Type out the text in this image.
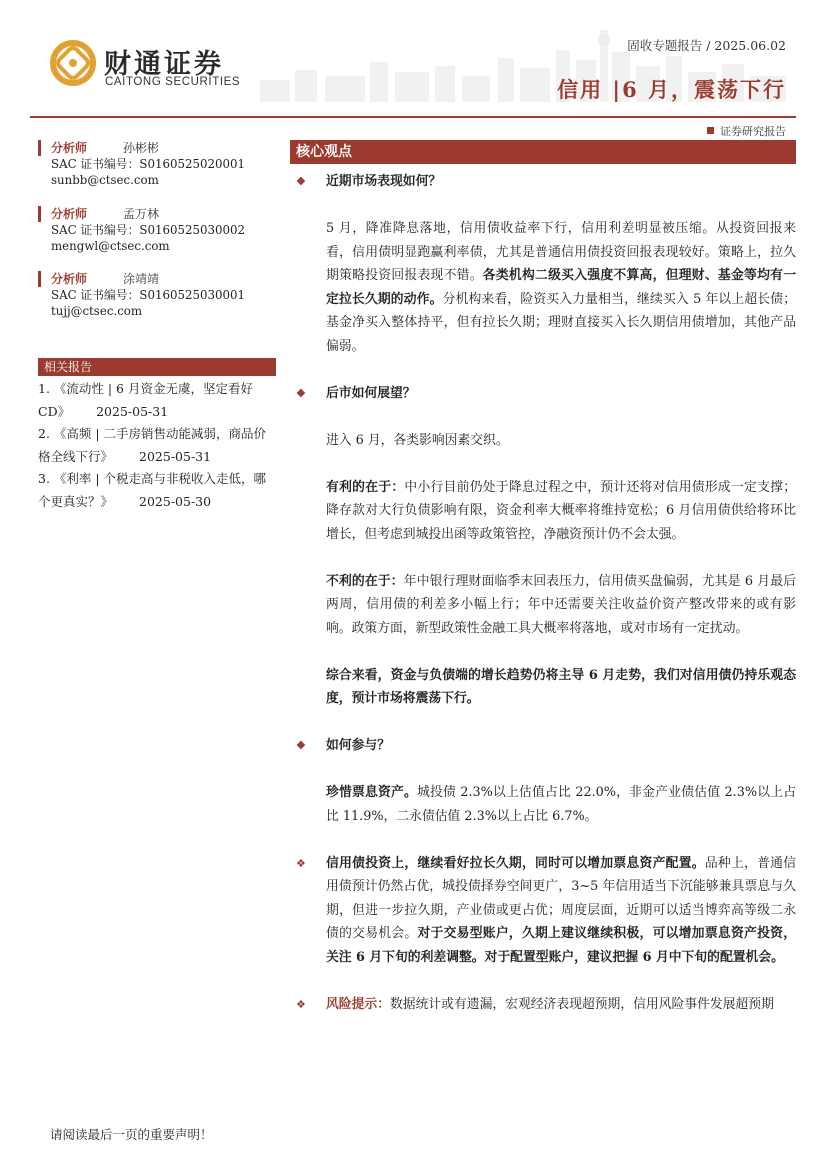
财通证券
CAITONG SECURITIES
固收专题报告 / 2025.06.02
信用 |6 月，震荡下行
证券研究报告
分析师	孙彬彬
SAC 证书编号：S0160525020001
sunbb@ctsec.com
分析师	孟万林
SAC 证书编号：S0160525030002
mengwl@ctsec.com
分析师	涂靖靖
SAC 证书编号：S0160525030001
tujj@ctsec.com
相关报告

1. 《流动性 | 6 月资金无虞，坚定看好 CD》 2025-05-31

2. 《高频 | 二手房销售动能减弱，商品价格全线下行》 2025-05-31

3. 《利率 | 个税走高与非税收入走低，哪个更真实？》 2025-05-30

核心观点

❖ 近期市场表现如何？

5 月，降准降息落地，信用债收益率下行，信用利差明显被压缩。从投资回报来看，信用债明显跑赢利率债，尤其是普通信用债投资回报表现较好。策略上，拉久期策略投资回报表现不错。各类机构二级买入强度不算高，但理财、基金等均有一定拉长久期的动作。分机构来看，险资买入力量相当，继续买入 5 年以上超长债；基金净买入整体持平，但有拉长久期；理财直接买入长久期信用债增加，其他产品偏弱。

❖ 后市如何展望？

进入 6 月，各类影响因素交织。

有利的在于：中小行目前仍处于降息过程之中，预计还将对信用债形成一定支撑；降存款对大行负债影响有限，资金利率大概率将维持宽松；6 月信用债供给将环比增长，但考虑到城投出函等政策管控，净融资预计仍不会太强。

不利的在于：年中银行理财面临季末回表压力，信用债买盘偏弱，尤其是 6 月最后两周，信用债的利差多小幅上行；年中还需要关注收益价资产整改带来的或有影响。政策方面，新型政策性金融工具大概率将落地，或对市场有一定扰动。

综合来看，资金与负债端的增长趋势仍将主导 6 月走势，我们对信用债仍持乐观态度，预计市场将震荡下行。

❖ 如何参与？

珍惜票息资产。城投债 2.3%以上估值占比 22.0%，非金产业债估值 2.3%以上占比 11.9%，二永债估值 2.3%以上占比 6.7%。

❖ 信用债投资上，继续看好拉长久期，同时可以增加票息资产配置。品种上，普通信用债预计仍然占优，城投债择券空间更广，3~5 年信用适当下沉能够兼具票息与久期，但进一步拉久期，产业债或更占优；周度层面，近期可以适当博弈高等级二永债的交易机会。对于交易型账户，久期上建议继续积极，可以增加票息资产投资，关注 6 月下旬的利差调整。对于配置型账户，建议把握 6 月中下旬的配置机会。

❖ 风险提示：数据统计或有遗漏，宏观经济表现超预期，信用风险事件发展超预期

请阅读最后一页的重要声明！
